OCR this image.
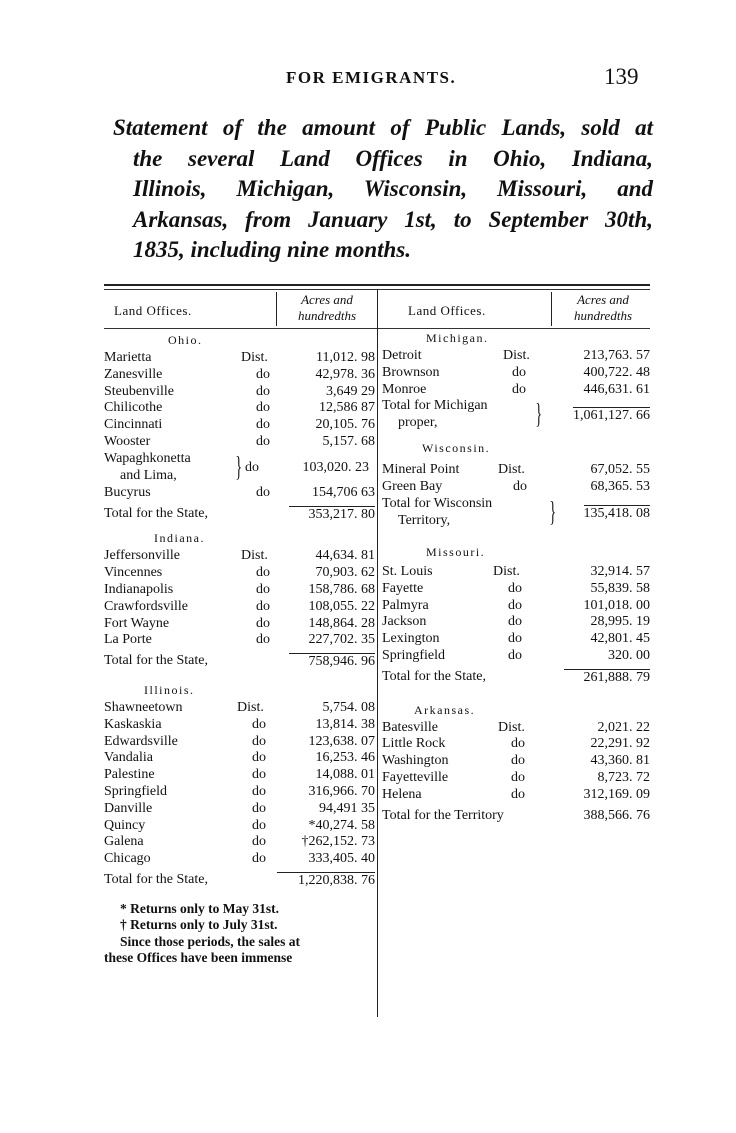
FOR EMIGRANTS.	139
Statement of the amount of Public Lands, sold at
the several Land Offices in Ohio, Indiana,
Illinois, Michigan, Wisconsin, Missouri, and
Arkansas, from January 1st, to September 30th,
1835, including nine months.
Land Offices.
Acres and
hundredths
Ohio.
Marietta	Dist.	11,012. 98
Zanesville	do	42,978. 36
Steubenville	do	3,649 29
Chilicothe	do	12,586 87
Cincinnati	do	20,105. 76
Wooster	do	5,157. 68
Wapaghkonetta
and Lima, } do	103,020. 23
Bucyrus	do	154,706 63
Total for the State,	353,217. 80
Indiana.
Jeffersonville	Dist.	44,634. 81
Vincennes	do	70,903. 62
Indianapolis	do	158,786. 68
Crawfordsville	do	108,055. 22
Fort Wayne	do	148,864. 28
La Porte	do	227,702. 35
Total for the State,	758,946. 96
Illinois.
Shawneetown	Dist.	5,754. 08
Kaskaskia	do	13,814. 38
Edwardsville	do	123,638. 07
Vandalia	do	16,253. 46
Palestine	do	14,088. 01
Springfield	do	316,966. 70
Danville	do	94,491 35
Quincy	do	*40,274. 58
Galena	do	†262,152. 73
Chicago	do	333,405. 40
Total for the State,	1,220,838. 76
* Returns only to May 31st.
† Returns only to July 31st.
Since those periods, the sales at
these Offices have been immense
Land Offices.
Acres and
hundredths
Michigan.
Detroit	Dist.	213,763. 57
Brownson	do	400,722. 48
Monroe	do	446,631. 61
Total for Michigan
proper,	} 1,061,127. 66
Wisconsin.
Mineral Point	Dist.	67,052. 55
Green Bay	do	68,365. 53
Total for Wisconsin
Territory,	} 135,418. 08
Missouri.
St. Louis	Dist.	32,914. 57
Fayette	do	55,839. 58
Palmyra	do	101,018. 00
Jackson	do	28,995. 19
Lexington	do	42,801. 45
Springfield	do	320. 00
Total for the State,	261,888. 79
Arkansas.
Batesville	Dist.	2,021. 22
Little Rock	do	22,291. 92
Washington	do	43,360. 81
Fayetteville	do	8,723. 72
Helena	do	312,169. 09
Total for the Territory	388,566. 76
